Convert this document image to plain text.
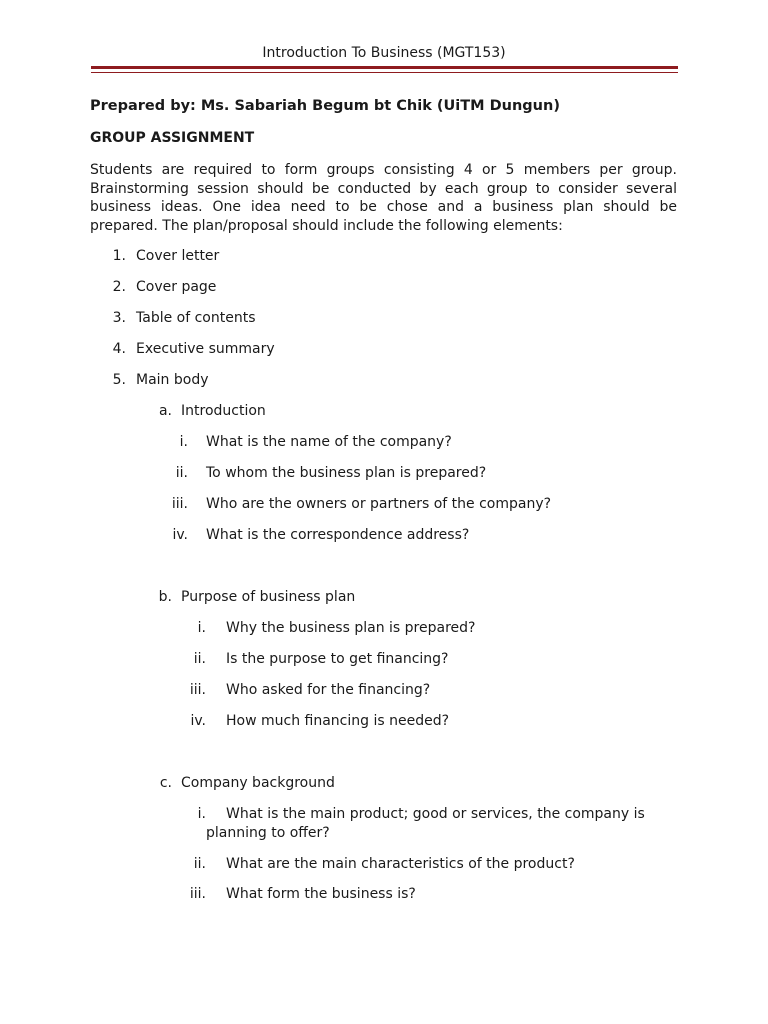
Introduction To Business (MGT153)
Prepared by: Ms. Sabariah Begum bt Chik (UiTM Dungun)
GROUP ASSIGNMENT
Students are required to form groups consisting 4 or 5 members per group. Brainstorming session should be conducted by each group to consider several business ideas. One idea need to be chose and a business plan should be prepared. The plan/proposal should include the following elements:
1. Cover letter
2. Cover page
3. Table of contents
4. Executive summary
5. Main body
a. Introduction
i. What is the name of the company?
ii. To whom the business plan is prepared?
iii. Who are the owners or partners of the company?
iv. What is the correspondence address?
b. Purpose of business plan
i. Why the business plan is prepared?
ii. Is the purpose to get financing?
iii. Who asked for the financing?
iv. How much financing is needed?
c. Company background
i. What is the main product; good or services, the company is
planning to offer?
ii. What are the main characteristics of the product?
iii. What form the business is?
